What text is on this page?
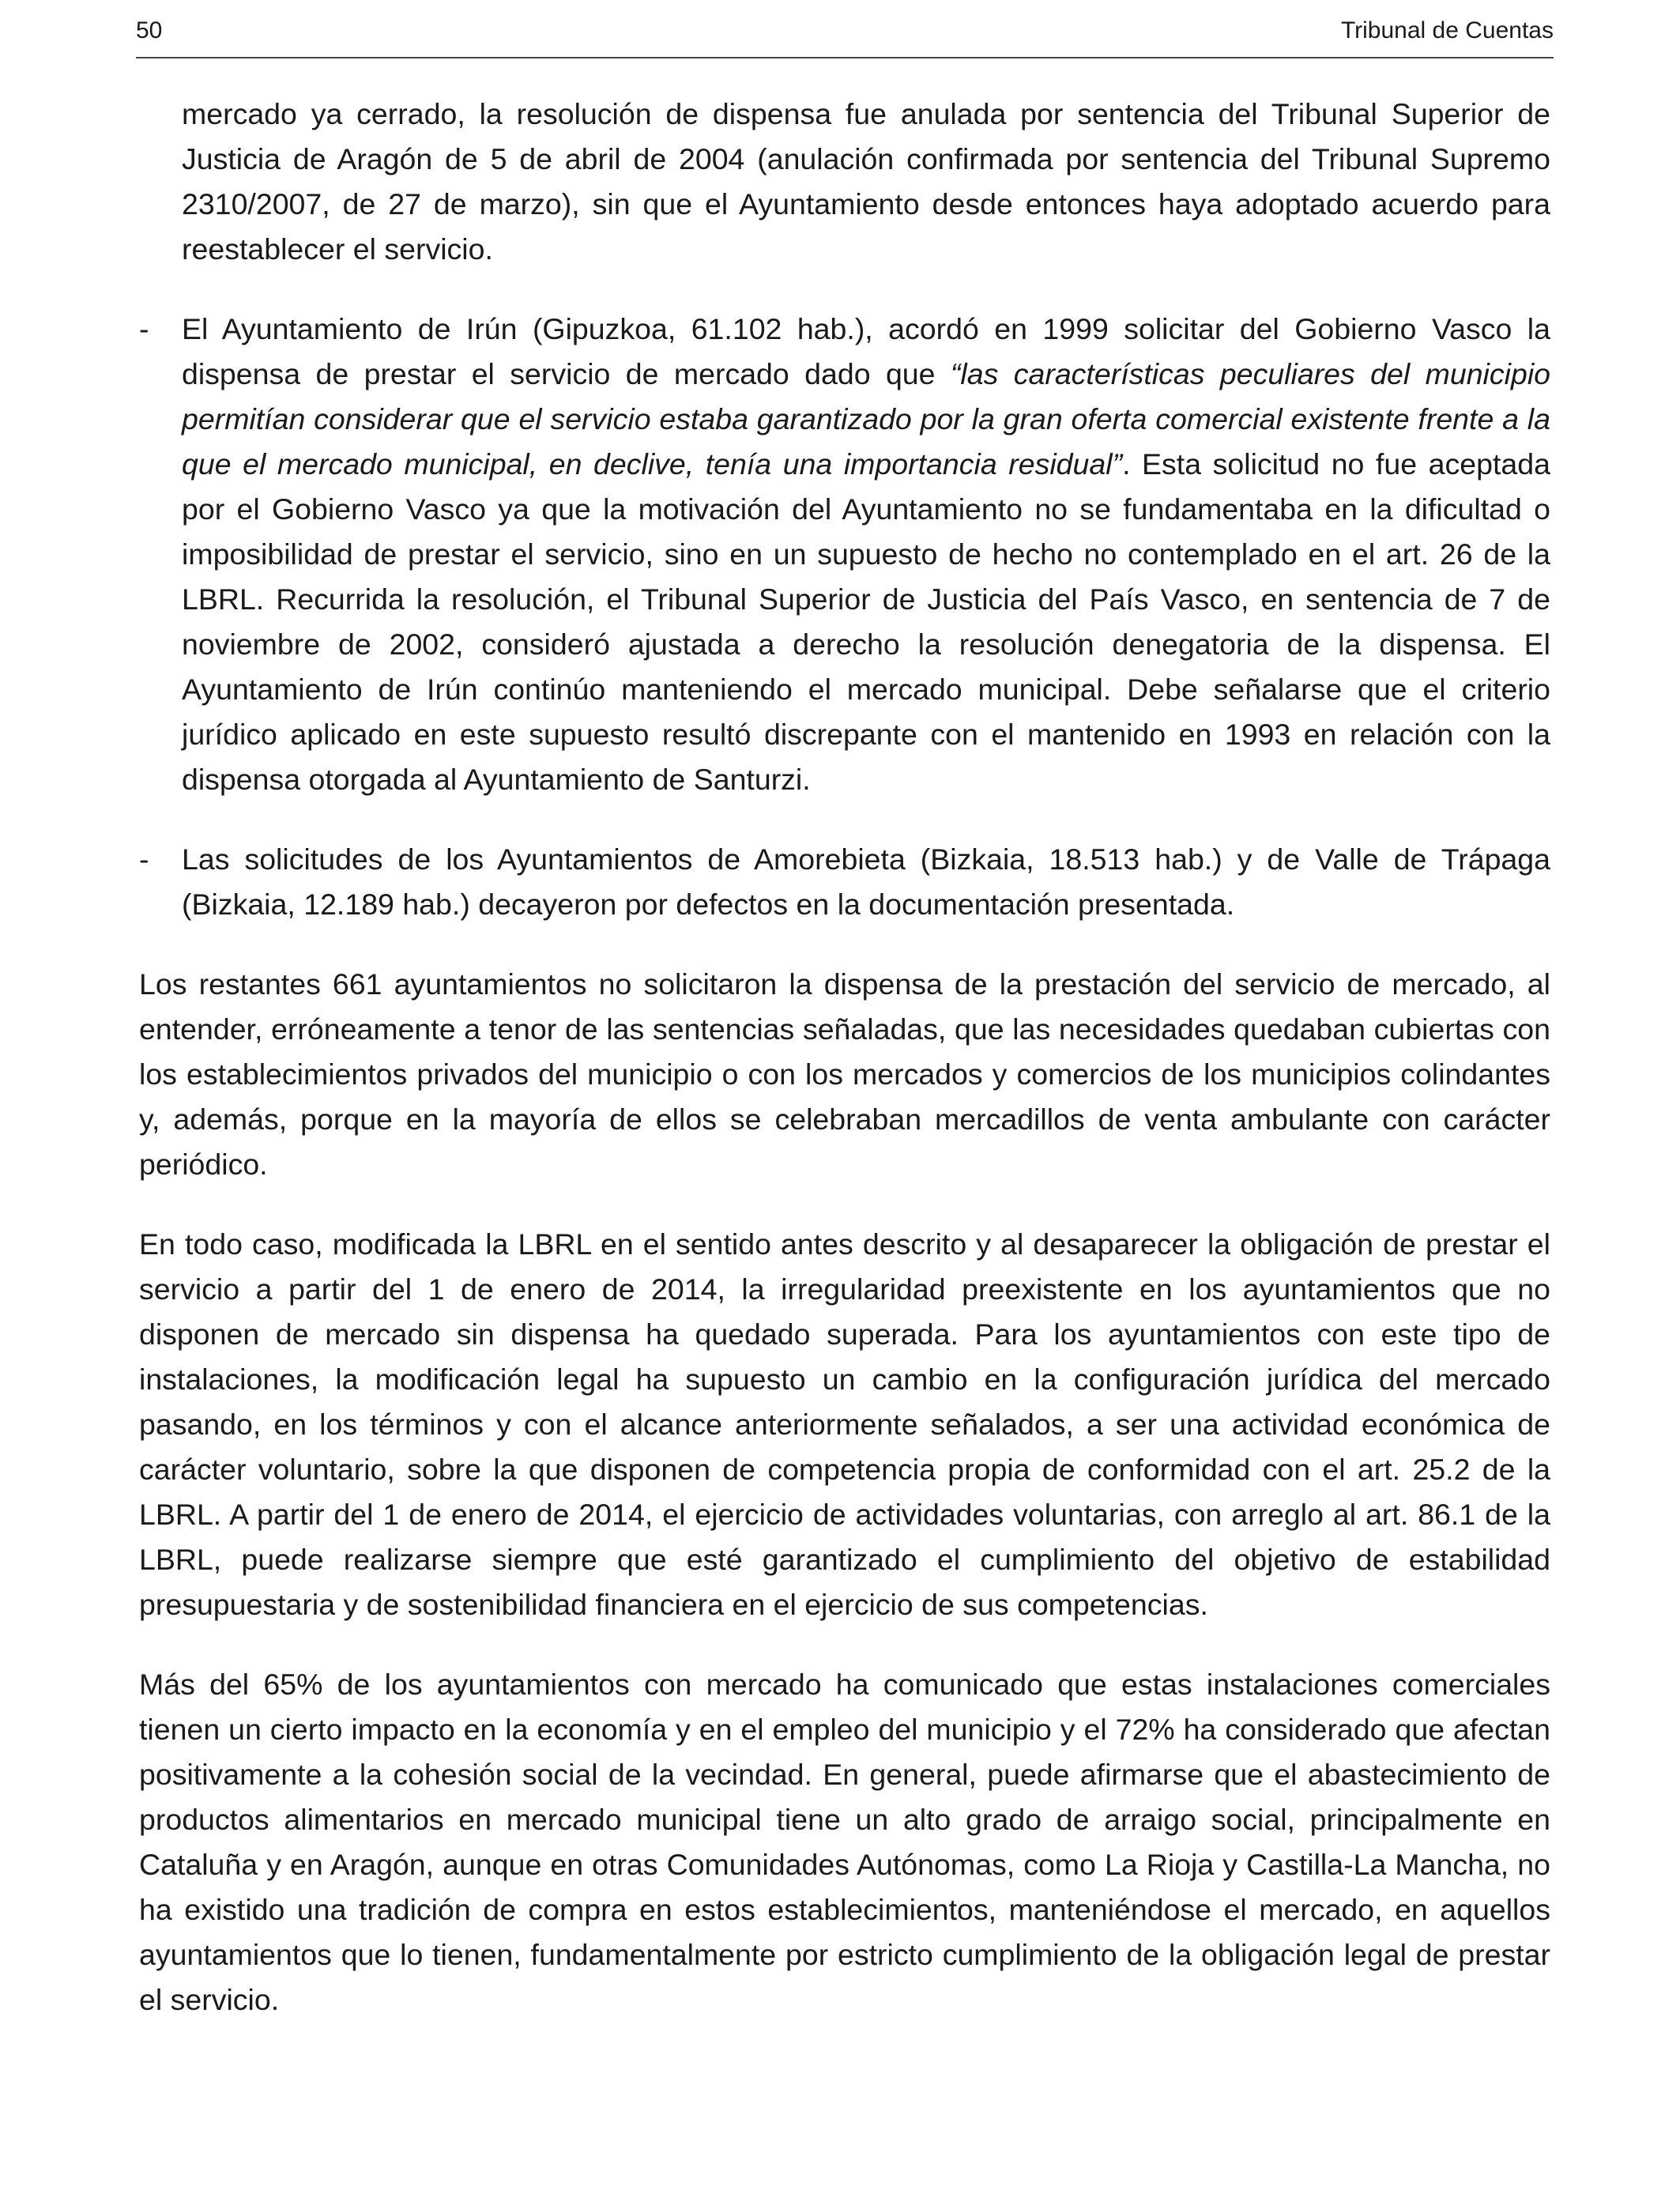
50	Tribunal de Cuentas

mercado ya cerrado, la resolución de dispensa fue anulada por sentencia del Tribunal Superior de Justicia de Aragón de 5 de abril de 2004 (anulación confirmada por sentencia del Tribunal Supremo 2310/2007, de 27 de marzo), sin que el Ayuntamiento desde entonces haya adoptado acuerdo para reestablecer el servicio.

- El Ayuntamiento de Irún (Gipuzkoa, 61.102 hab.), acordó en 1999 solicitar del Gobierno Vasco la dispensa de prestar el servicio de mercado dado que “las características peculiares del municipio permitían considerar que el servicio estaba garantizado por la gran oferta comercial existente frente a la que el mercado municipal, en declive, tenía una importancia residual”. Esta solicitud no fue aceptada por el Gobierno Vasco ya que la motivación del Ayuntamiento no se fundamentaba en la dificultad o imposibilidad de prestar el servicio, sino en un supuesto de hecho no contemplado en el art. 26 de la LBRL. Recurrida la resolución, el Tribunal Superior de Justicia del País Vasco, en sentencia de 7 de noviembre de 2002, consideró ajustada a derecho la resolución denegatoria de la dispensa. El Ayuntamiento de Irún continúo manteniendo el mercado municipal. Debe señalarse que el criterio jurídico aplicado en este supuesto resultó discrepante con el mantenido en 1993 en relación con la dispensa otorgada al Ayuntamiento de Santurzi.
- Las solicitudes de los Ayuntamientos de Amorebieta (Bizkaia, 18.513 hab.) y de Valle de Trápaga (Bizkaia, 12.189 hab.) decayeron por defectos en la documentación presentada.

Los restantes 661 ayuntamientos no solicitaron la dispensa de la prestación del servicio de mercado, al entender, erróneamente a tenor de las sentencias señaladas, que las necesidades quedaban cubiertas con los establecimientos privados del municipio o con los mercados y comercios de los municipios colindantes y, además, porque en la mayoría de ellos se celebraban mercadillos de venta ambulante con carácter periódico.

En todo caso, modificada la LBRL en el sentido antes descrito y al desaparecer la obligación de prestar el servicio a partir del 1 de enero de 2014, la irregularidad preexistente en los ayuntamientos que no disponen de mercado sin dispensa ha quedado superada. Para los ayuntamientos con este tipo de instalaciones, la modificación legal ha supuesto un cambio en la configuración jurídica del mercado pasando, en los términos y con el alcance anteriormente señalados, a ser una actividad económica de carácter voluntario, sobre la que disponen de competencia propia de conformidad con el art. 25.2 de la LBRL. A partir del 1 de enero de 2014, el ejercicio de actividades voluntarias, con arreglo al art. 86.1 de la LBRL, puede realizarse siempre que esté garantizado el cumplimiento del objetivo de estabilidad presupuestaria y de sostenibilidad financiera en el ejercicio de sus competencias.

Más del 65% de los ayuntamientos con mercado ha comunicado que estas instalaciones comerciales tienen un cierto impacto en la economía y en el empleo del municipio y el 72% ha considerado que afectan positivamente a la cohesión social de la vecindad. En general, puede afirmarse que el abastecimiento de productos alimentarios en mercado municipal tiene un alto grado de arraigo social, principalmente en Cataluña y en Aragón, aunque en otras Comunidades Autónomas, como La Rioja y Castilla-La Mancha, no ha existido una tradición de compra en estos establecimientos, manteniéndose el mercado, en aquellos ayuntamientos que lo tienen, fundamentalmente por estricto cumplimiento de la obligación legal de prestar el servicio.
